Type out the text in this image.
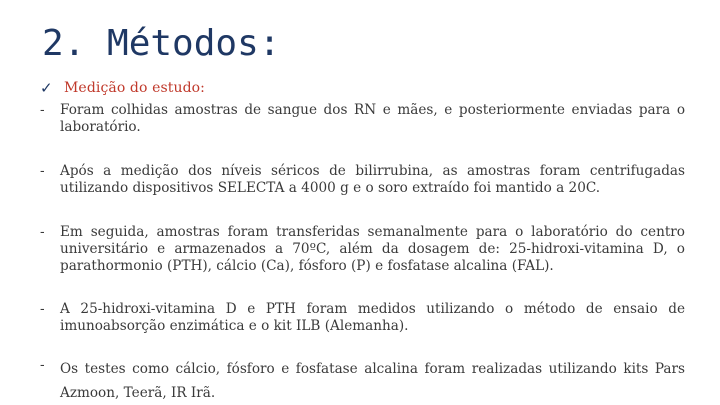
2. Métodos:
✓ Medição do estudo:
-	Foram colhidas amostras de sangue dos RN e mães, e posteriormente enviadas para o laboratório.
-	Após a medição dos níveis séricos de bilirrubina, as amostras foram centrifugadas utilizando dispositivos SELECTA a 4000 g e o soro extraído foi mantido a 20C.
-	Em seguida, amostras foram transferidas semanalmente para o laboratório do centro universitário e armazenados a 70ºC, além da dosagem de: 25-hidroxi-vitamina D, o parathormonio (PTH), cálcio (Ca), fósforo (P) e fosfatase alcalina (FAL).
-	A 25-hidroxi-vitamina D e PTH foram medidos utilizando o método de ensaio de imunoabsorção enzimática e o kit ILB (Alemanha).
-	Os testes como cálcio, fósforo e fosfatase alcalina foram realizadas utilizando kits Pars Azmoon, Teerã, IR Irã.
